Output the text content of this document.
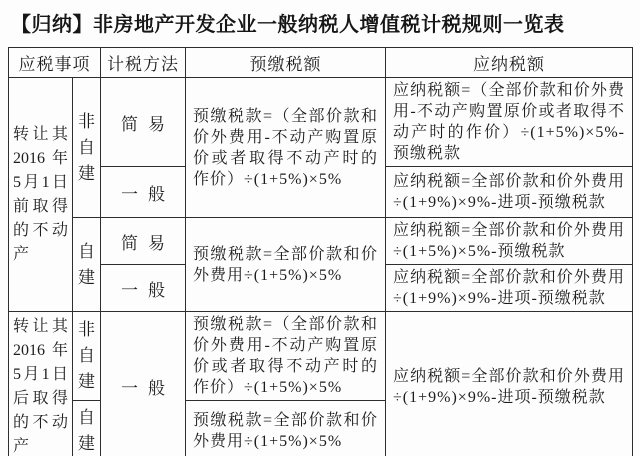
【归纳】非房地产开发企业一般纳税人增值税计税规则一览表
应税事项		计税方法	预缴税额	应纳税额
转让其2016年5月1日前取得的不动产	非自建	简易	预缴税款=（全部价款和价外费用-不动产购置原价或者取得不动产时的作价）÷(1+5%)×5%	应纳税额=（全部价款和价外费用-不动产购置原价或者取得不动产时的作价）÷(1+5%)×5%-预缴税款
		一般		应纳税额=全部价款和价外费用÷(1+9%)×9%-进项-预缴税款
	自建	简易	预缴税款=全部价款和价外费用÷(1+5%)×5%	应纳税额=全部价款和价外费用÷(1+5%)×5%-预缴税款
		一般		应纳税额=全部价款和价外费用÷(1+9%)×9%-进项-预缴税款
转让其2016年5月1日后取得的不动产	非自建	一般	预缴税款=（全部价款和价外费用-不动产购置原价或者取得不动产时的作价）÷(1+5%)×5%	应纳税额=全部价款和价外费用÷(1+9%)×9%-进项-预缴税款
	自建		预缴税款=全部价款和价外费用÷(1+5%)×5%	
